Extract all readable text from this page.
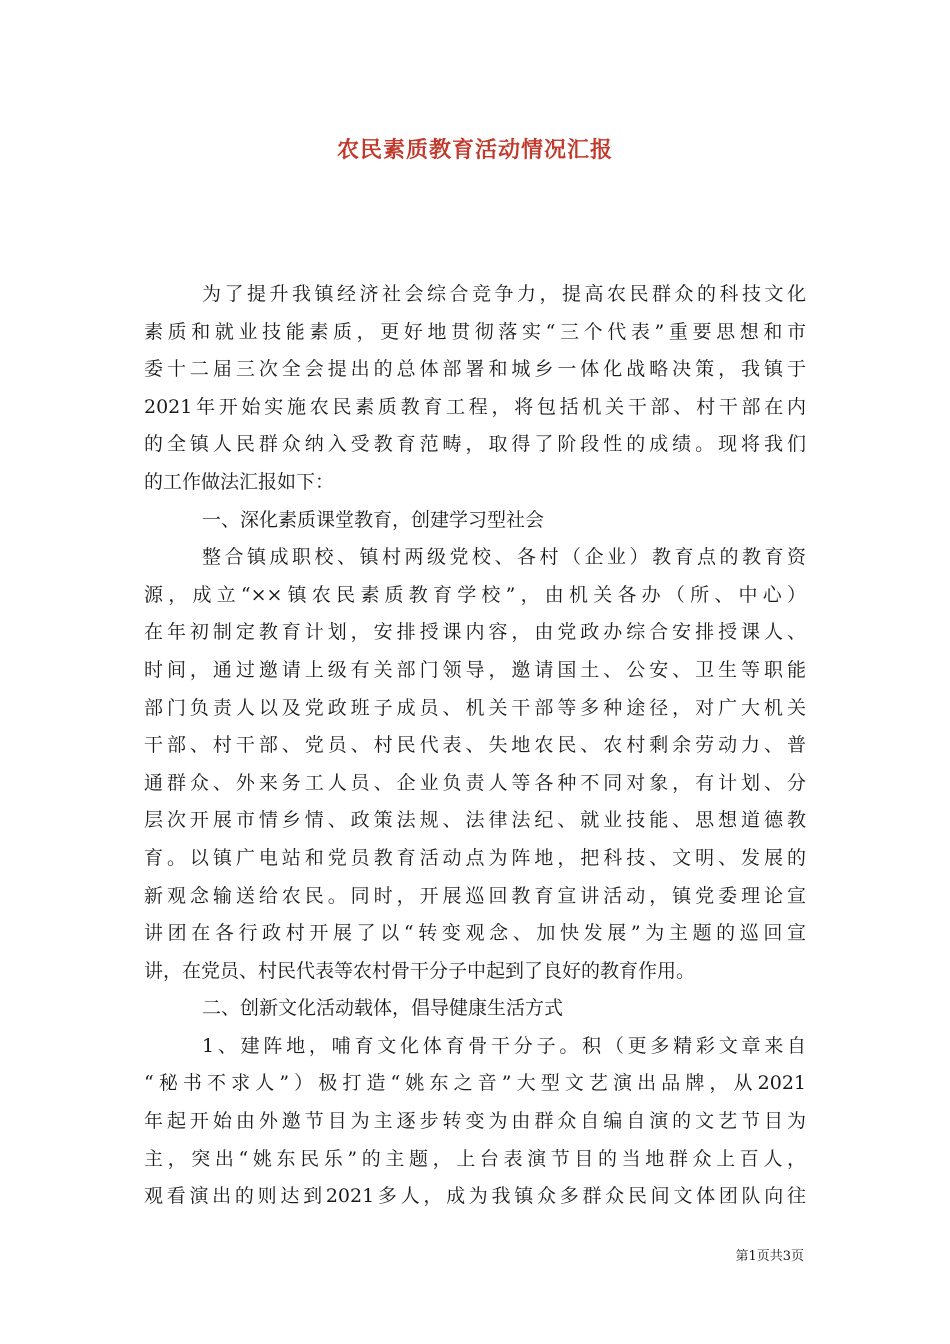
农民素质教育活动情况汇报
为了提升我镇经济社会综合竞争力，提高农民群众的科技文化
素质和就业技能素质，更好地贯彻落实“三个代表”重要思想和市
委十二届三次全会提出的总体部署和城乡一体化战略决策，我镇于
2021年开始实施农民素质教育工程，将包括机关干部、村干部在内
的全镇人民群众纳入受教育范畴，取得了阶段性的成绩。现将我们
的工作做法汇报如下：
一、深化素质课堂教育，创建学习型社会
整合镇成职校、镇村两级党校、各村（企业）教育点的教育资
源，成立“××镇农民素质教育学校”，由机关各办（所、中心）
在年初制定教育计划，安排授课内容，由党政办综合安排授课人、
时间，通过邀请上级有关部门领导，邀请国土、公安、卫生等职能
部门负责人以及党政班子成员、机关干部等多种途径，对广大机关
干部、村干部、党员、村民代表、失地农民、农村剩余劳动力、普
通群众、外来务工人员、企业负责人等各种不同对象，有计划、分
层次开展市情乡情、政策法规、法律法纪、就业技能、思想道德教
育。以镇广电站和党员教育活动点为阵地，把科技、文明、发展的
新观念输送给农民。同时，开展巡回教育宣讲活动，镇党委理论宣
讲团在各行政村开展了以“转变观念、加快发展”为主题的巡回宣
讲，在党员、村民代表等农村骨干分子中起到了良好的教育作用。
二、创新文化活动载体，倡导健康生活方式
1、建阵地，哺育文化体育骨干分子。积（更多精彩文章来自
“秘书不求人”）极打造“姚东之音”大型文艺演出品牌，从2021
年起开始由外邀节目为主逐步转变为由群众自编自演的文艺节目为
主，突出“姚东民乐”的主题，上台表演节目的当地群众上百人，
观看演出的则达到2021多人，成为我镇众多群众民间文体团队向往
第1页共3页
